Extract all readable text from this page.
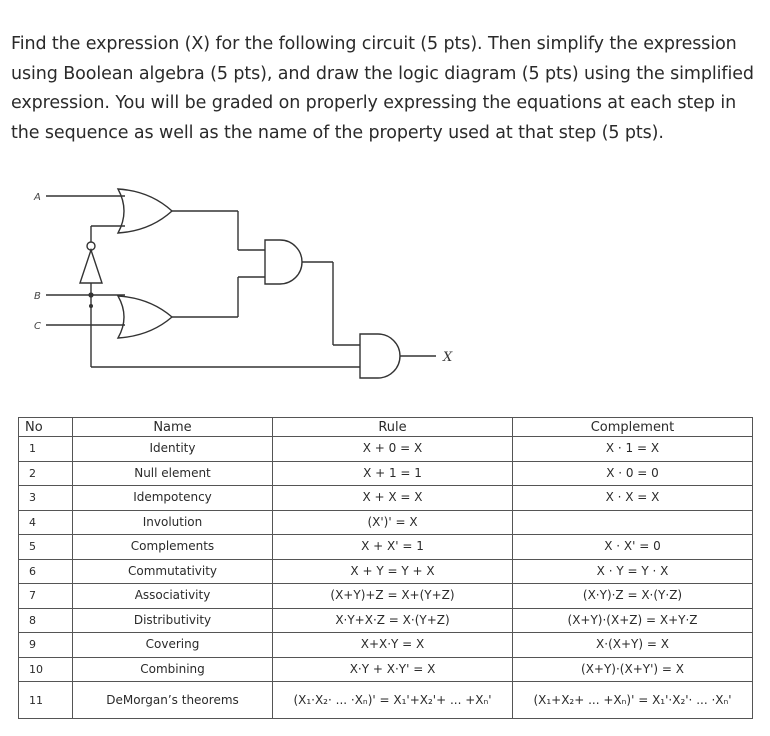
Find the expression (X) for the following circuit (5 pts). Then simplify the expression using Boolean algebra (5 pts), and draw the logic diagram (5 pts) using the simplified expression. You will be graded on properly expressing the equations at each step in the sequence as well as the name of the property used at that step (5 pts).
A
B
C
X
No	Name	Rule	Complement
1	Identity	X + 0 = X	X · 1 = X
2	Null element	X + 1 = 1	X · 0 = 0
3	Idempotency	X + X = X	X · X = X
4	Involution	(X')' = X	
5	Complements	X + X' = 1	X · X' = 0
6	Commutativity	X + Y = Y + X	X · Y = Y · X
7	Associativity	(X+Y)+Z = X+(Y+Z)	(X·Y)·Z = X·(Y·Z)
8	Distributivity	X·Y+X·Z = X·(Y+Z)	(X+Y)·(X+Z) = X+Y·Z
9	Covering	X+X·Y = X	X·(X+Y) = X
10	Combining	X·Y + X·Y' = X	(X+Y)·(X+Y') = X
11	DeMorgan’s theorems	(X₁·X₂· ... ·Xₙ)' = X₁'+X₂'+ ... +Xₙ'	(X₁+X₂+ ... +Xₙ)' = X₁'·X₂'· ... ·Xₙ'
